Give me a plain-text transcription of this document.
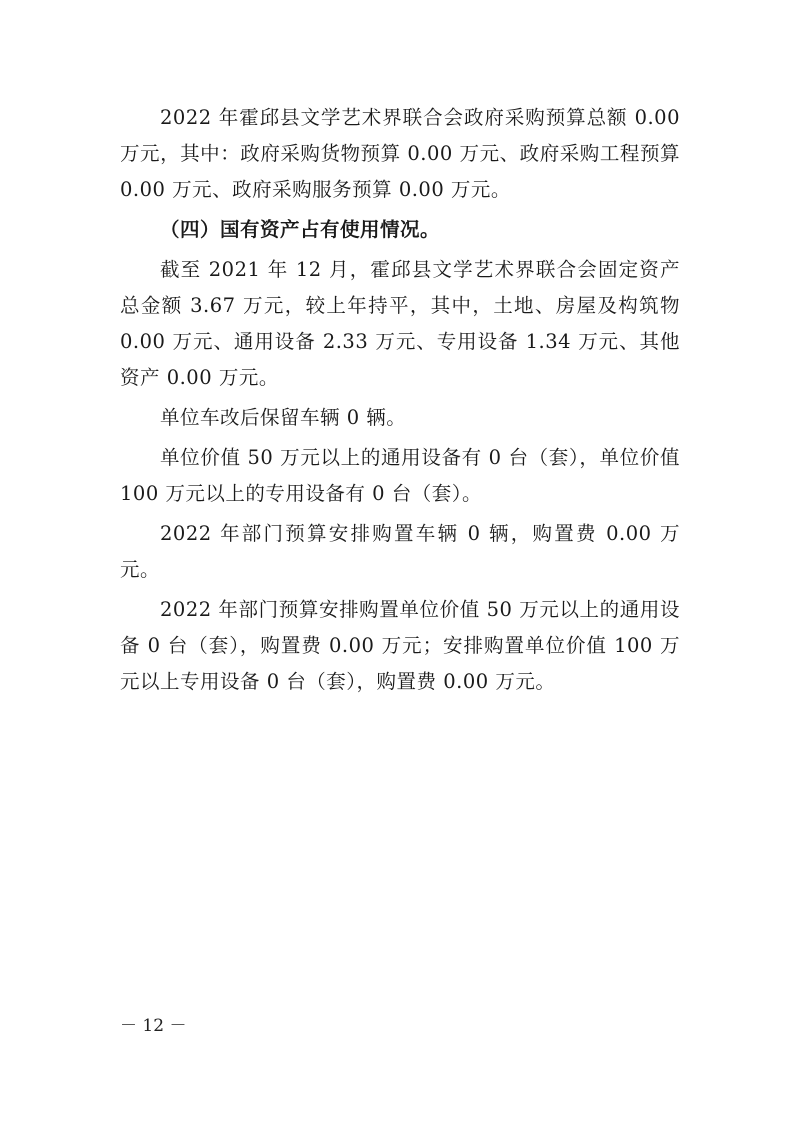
2022 年霍邱县文学艺术界联合会政府采购预算总额 0.00 万元，其中：政府采购货物预算 0.00 万元、政府采购工程预算 0.00 万元、政府采购服务预算 0.00 万元。

（四）国有资产占有使用情况。

截至 2021 年 12 月，霍邱县文学艺术界联合会固定资产总金额 3.67 万元，较上年持平，其中，土地、房屋及构筑物 0.00 万元、通用设备 2.33 万元、专用设备 1.34 万元、其他资产 0.00 万元。

单位车改后保留车辆 0 辆。

单位价值 50 万元以上的通用设备有 0 台（套），单位价值 100 万元以上的专用设备有 0 台（套）。

2022 年部门预算安排购置车辆 0 辆，购置费 0.00 万元。

2022 年部门预算安排购置单位价值 50 万元以上的通用设备 0 台（套），购置费 0.00 万元；安排购置单位价值 100 万元以上专用设备 0 台（套），购置费 0.00 万元。

－ 12 －
